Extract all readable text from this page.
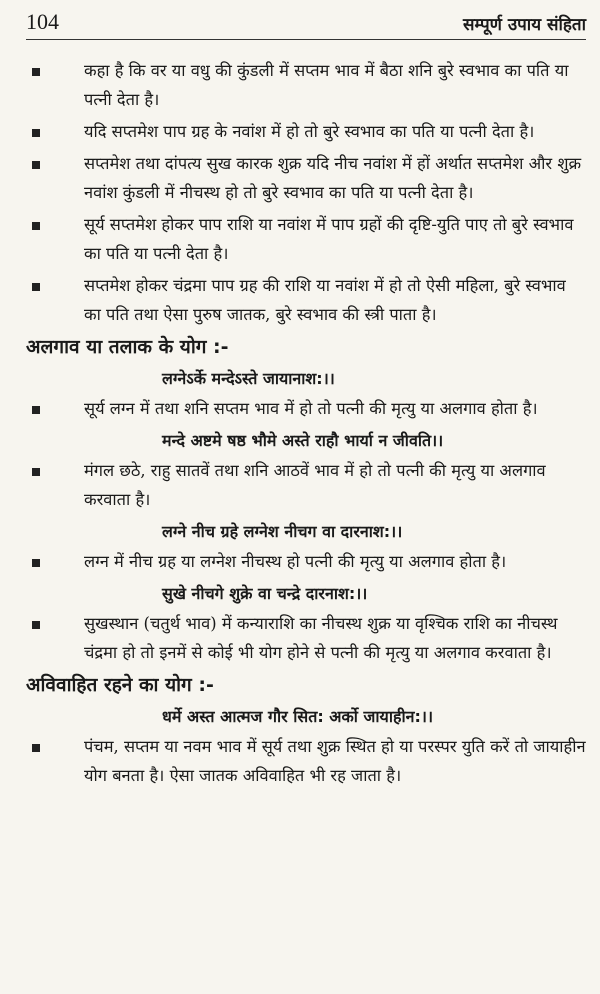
104	सम्पूर्ण उपाय संहिता
कहा है कि वर या वधु की कुंडली में सप्तम भाव में बैठा शनि बुरे स्वभाव का पति या पत्नी देता है।
यदि सप्तमेश पाप ग्रह के नवांश में हो तो बुरे स्वभाव का पति या पत्नी देता है।
सप्तमेश तथा दांपत्य सुख कारक शुक्र यदि नीच नवांश में हों अर्थात सप्तमेश और शुक्र नवांश कुंडली में नीचस्थ हो तो बुरे स्वभाव का पति या पत्नी देता है।
सूर्य सप्तमेश होकर पाप राशि या नवांश में पाप ग्रहों की दृष्टि-युति पाए तो बुरे स्वभाव का पति या पत्नी देता है।
सप्तमेश होकर चंद्रमा पाप ग्रह की राशि या नवांश में हो तो ऐसी महिला, बुरे स्वभाव का पति तथा ऐसा पुरुष जातक, बुरे स्वभाव की स्त्री पाता है।
अलगाव या तलाक के योग :-
लग्नेऽर्के मन्देऽस्ते जायानाश:।।
सूर्य लग्न में तथा शनि सप्तम भाव में हो तो पत्नी की मृत्यु या अलगाव होता है।
मन्दे अष्टमे षष्ठ भौमे अस्ते राहौ भार्या न जीवति।।
मंगल छठे, राहु सातवें तथा शनि आठवें भाव में हो तो पत्नी की मृत्यु या अलगाव करवाता है।
लग्ने नीच ग्रहे लग्नेश नीचग वा दारनाश:।।
लग्न में नीच ग्रह या लग्नेश नीचस्थ हो पत्नी की मृत्यु या अलगाव होता है।
सुखे नीचगे शुक्रे वा चन्द्रे दारनाश:।।
सुखस्थान (चतुर्थ भाव) में कन्याराशि का नीचस्थ शुक्र या वृश्चिक राशि का नीचस्थ चंद्रमा हो तो इनमें से कोई भी योग होने से पत्नी की मृत्यु या अलगाव करवाता है।
अविवाहित रहने का योग :-
धर्मे अस्त आत्मज गौर सित: अर्को जायाहीन:।।
पंचम, सप्तम या नवम भाव में सूर्य तथा शुक्र स्थित हो या परस्पर युति करें तो जायाहीन योग बनता है। ऐसा जातक अविवाहित भी रह जाता है।
